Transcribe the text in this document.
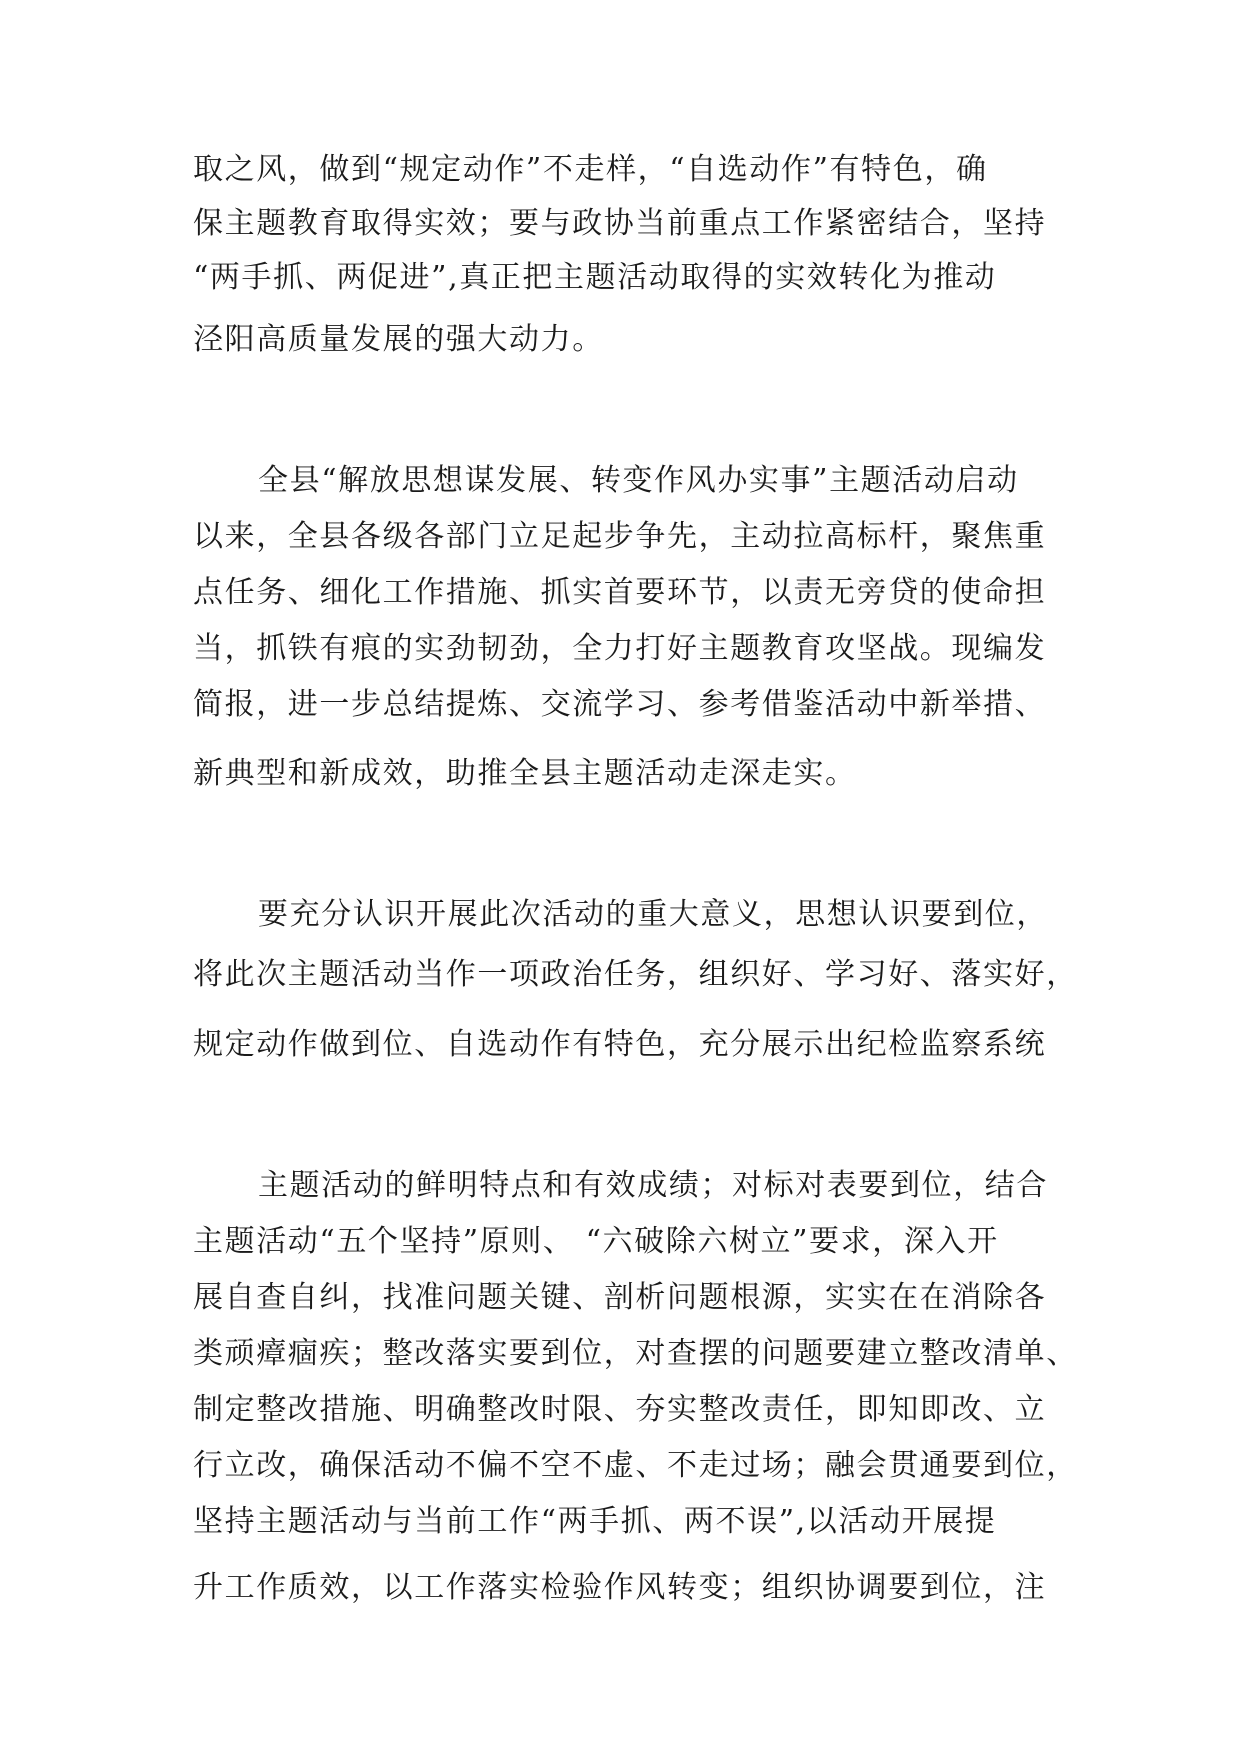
取之风，做到“规定动作”不走样，“自选动作”有特色，确

保主题教育取得实效；要与政协当前重点工作紧密结合，坚持

“两手抓、两促进”,真正把主题活动取得的实效转化为推动

泾阳高质量发展的强大动力。

全县“解放思想谋发展、转变作风办实事”主题活动启动

以来，全县各级各部门立足起步争先，主动拉高标杆，聚焦重

点任务、细化工作措施、抓实首要环节，以责无旁贷的使命担

当，抓铁有痕的实劲韧劲，全力打好主题教育攻坚战。现编发

简报，进一步总结提炼、交流学习、参考借鉴活动中新举措、

新典型和新成效，助推全县主题活动走深走实。

要充分认识开展此次活动的重大意义，思想认识要到位，

将此次主题活动当作一项政治任务，组织好、学习好、落实好，

规定动作做到位、自选动作有特色，充分展示出纪检监察系统

主题活动的鲜明特点和有效成绩；对标对表要到位，结合

主题活动“五个坚持”原则、 “六破除六树立”要求，深入开

展自查自纠，找准问题关键、剖析问题根源，实实在在消除各

类顽瘴痼疾；整改落实要到位，对查摆的问题要建立整改清单、

制定整改措施、明确整改时限、夯实整改责任，即知即改、立

行立改，确保活动不偏不空不虚、不走过场；融会贯通要到位，

坚持主题活动与当前工作“两手抓、两不误”,以活动开展提

升工作质效，以工作落实检验作风转变；组织协调要到位，注
